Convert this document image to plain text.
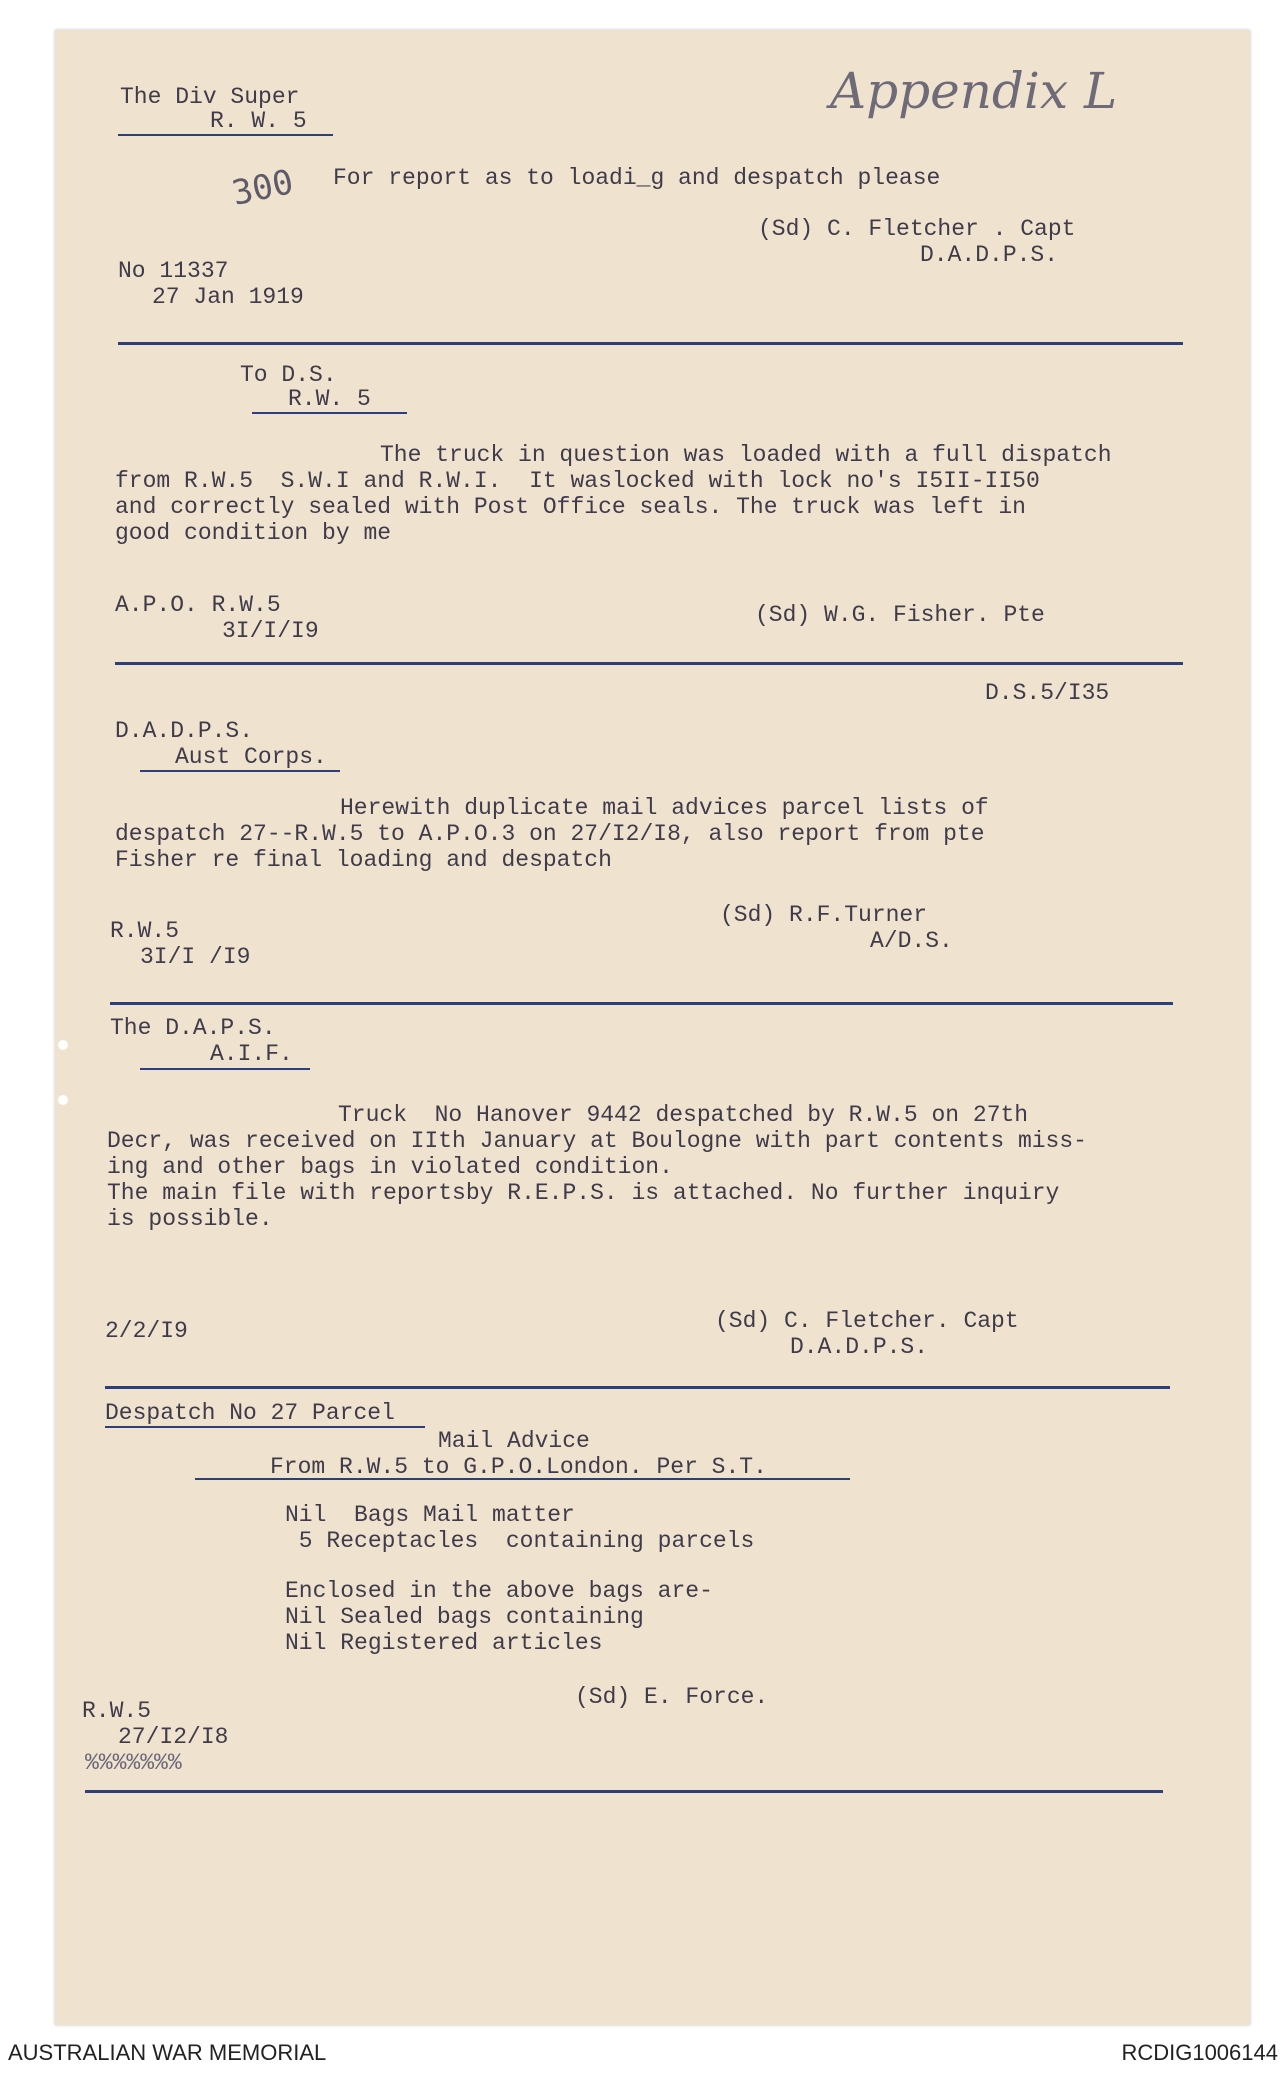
Appendix L
300
The Div Super
R. W. 5
For report as to loadi_g and despatch please
(Sd) C. Fletcher . Capt
D.A.D.P.S.
No 11337
27 Jan 1919
To D.S.
R.W. 5
The truck in question was loaded with a full dispatch
from R.W.5  S.W.I and R.W.I.  It waslocked with lock no's I5II-II50
and correctly sealed with Post Office seals. The truck was left in
good condition by me
A.P.O. R.W.5
3I/I/I9
(Sd) W.G. Fisher. Pte
D.S.5/I35
D.A.D.P.S.
Aust Corps.
Herewith duplicate mail advices parcel lists of
despatch 27--R.W.5 to A.P.O.3 on 27/I2/I8, also report from pte
Fisher re final loading and despatch
(Sd) R.F.Turner
A/D.S.
R.W.5
3I/I /I9
The D.A.P.S.
A.I.F.
Truck  No Hanover 9442 despatched by R.W.5 on 27th
Decr, was received on IIth January at Boulogne with part contents miss-
ing and other bags in violated condition.
The main file with reportsby R.E.P.S. is attached. No further inquiry
is possible.
2/2/I9	(Sd) C. Fletcher. Capt
D.A.D.P.S.
Despatch No 27 Parcel
Mail Advice
From R.W.5 to G.P.O.London. Per S.T.
Nil  Bags Mail matter
5 Receptacles  containing parcels
Enclosed in the above bags are-
Nil Sealed bags containing
Nil Registered articles
(Sd) E. Force.
R.W.5
27/I2/I8
%%%%%%%
AUSTRALIAN WAR MEMORIAL	RCDIG1006144
